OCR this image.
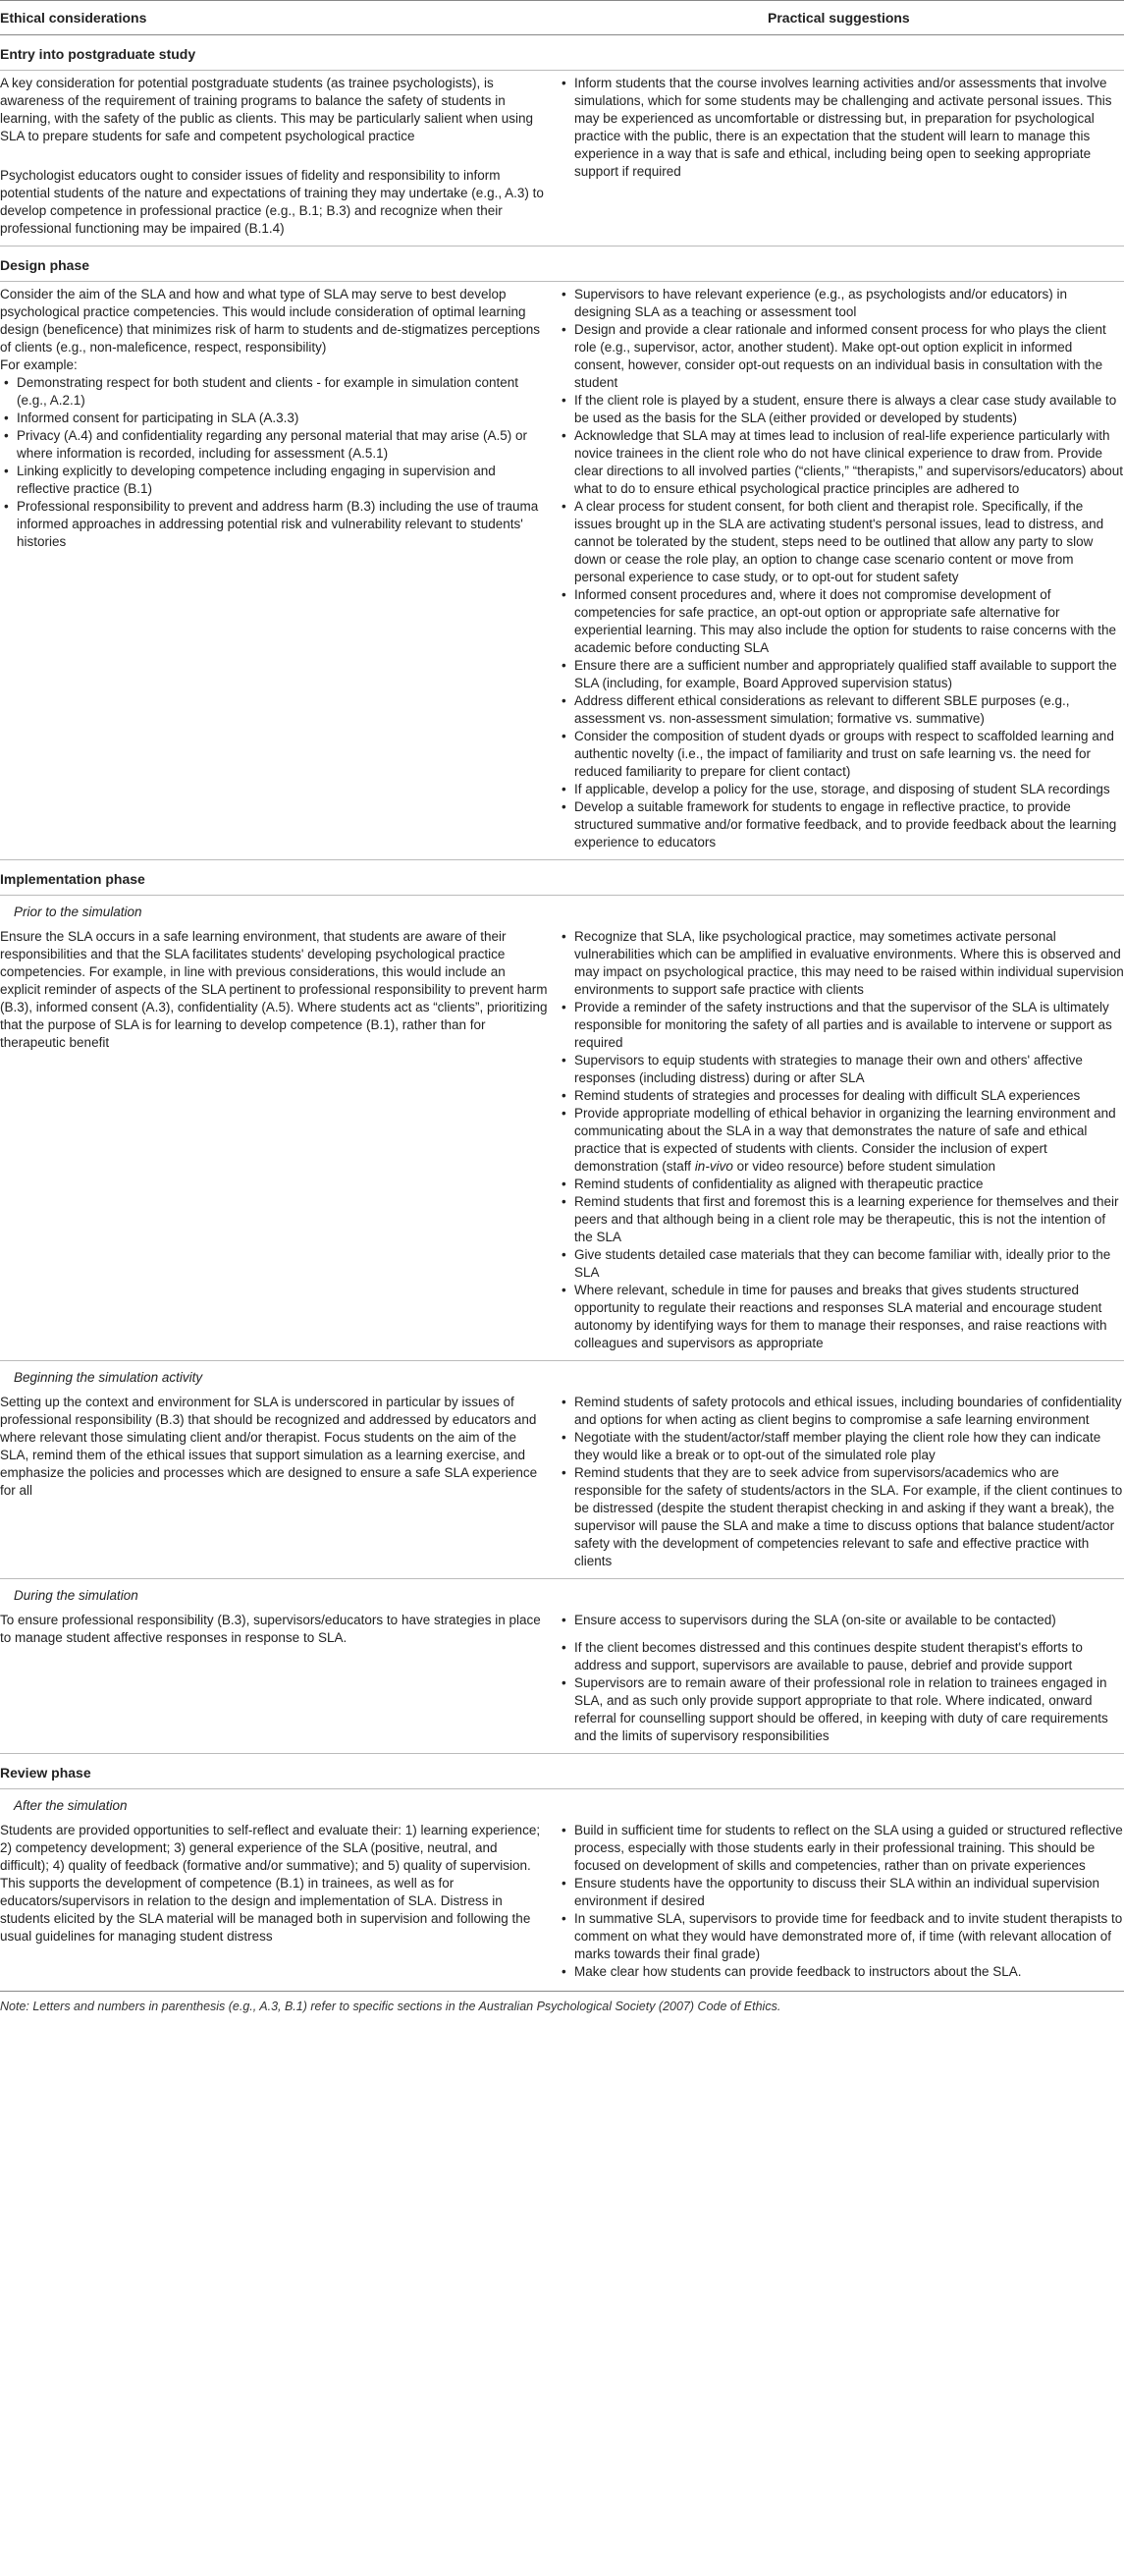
Ethical considerations	Practical suggestions
Entry into postgraduate study

A key consideration for potential postgraduate students (as trainee psychologists), is awareness of the requirement of training programs to balance the safety of students in learning, with the safety of the public as clients. This may be particularly salient when using SLA to prepare students for safe and competent psychological practice

Psychologist educators ought to consider issues of fidelity and responsibility to inform potential students of the nature and expectations of training they may undertake (e.g., A.3) to develop competence in professional practice (e.g., B.1; B.3) and recognize when their professional functioning may be impaired (B.1.4)

• Inform students that the course involves learning activities and/or assessments that involve simulations, which for some students may be challenging and activate personal issues. This may be experienced as uncomfortable or distressing but, in preparation for psychological practice with the public, there is an expectation that the student will learn to manage this experience in a way that is safe and ethical, including being open to seeking appropriate support if required
Design phase

Consider the aim of the SLA and how and what type of SLA may serve to best develop psychological practice competencies. This would include consideration of optimal learning design (beneficence) that minimizes risk of harm to students and de-stigmatizes perceptions of clients (e.g., non-maleficence, respect, responsibility)

For example:

• Demonstrating respect for both student and clients - for example in simulation content (e.g., A.2.1)
• Informed consent for participating in SLA (A.3.3)
• Privacy (A.4) and confidentiality regarding any personal material that may arise (A.5) or where information is recorded, including for assessment (A.5.1)
• Linking explicitly to developing competence including engaging in supervision and reflective practice (B.1)
• Professional responsibility to prevent and address harm (B.3) including the use of trauma informed approaches in addressing potential risk and vulnerability relevant to students' histories
• Supervisors to have relevant experience (e.g., as psychologists and/or educators) in designing SLA as a teaching or assessment tool
• Design and provide a clear rationale and informed consent process for who plays the client role (e.g., supervisor, actor, another student). Make opt-out option explicit in informed consent, however, consider opt-out requests on an individual basis in consultation with the student
• If the client role is played by a student, ensure there is always a clear case study available to be used as the basis for the SLA (either provided or developed by students)
• Acknowledge that SLA may at times lead to inclusion of real-life experience particularly with novice trainees in the client role who do not have clinical experience to draw from. Provide clear directions to all involved parties (“clients,” “therapists,” and supervisors/educators) about what to do to ensure ethical psychological practice principles are adhered to
• A clear process for student consent, for both client and therapist role. Specifically, if the issues brought up in the SLA are activating student's personal issues, lead to distress, and cannot be tolerated by the student, steps need to be outlined that allow any party to slow down or cease the role play, an option to change case scenario content or move from personal experience to case study, or to opt-out for student safety
• Informed consent procedures and, where it does not compromise development of competencies for safe practice, an opt-out option or appropriate safe alternative for experiential learning. This may also include the option for students to raise concerns with the academic before conducting SLA
• Ensure there are a sufficient number and appropriately qualified staff available to support the SLA (including, for example, Board Approved supervision status)
• Address different ethical considerations as relevant to different SBLE purposes (e.g., assessment vs. non-assessment simulation; formative vs. summative)
• Consider the composition of student dyads or groups with respect to scaffolded learning and authentic novelty (i.e., the impact of familiarity and trust on safe learning vs. the need for reduced familiarity to prepare for client contact)
• If applicable, develop a policy for the use, storage, and disposing of student SLA recordings
• Develop a suitable framework for students to engage in reflective practice, to provide structured summative and/or formative feedback, and to provide feedback about the learning experience to educators
Implementation phase
Prior to the simulation

Ensure the SLA occurs in a safe learning environment, that students are aware of their responsibilities and that the SLA facilitates students' developing psychological practice competencies. For example, in line with previous considerations, this would include an explicit reminder of aspects of the SLA pertinent to professional responsibility to prevent harm (B.3), informed consent (A.3), confidentiality (A.5). Where students act as “clients”, prioritizing that the purpose of SLA is for learning to develop competence (B.1), rather than for therapeutic benefit

• Recognize that SLA, like psychological practice, may sometimes activate personal vulnerabilities which can be amplified in evaluative environments. Where this is observed and may impact on psychological practice, this may need to be raised within individual supervision environments to support safe practice with clients
• Provide a reminder of the safety instructions and that the supervisor of the SLA is ultimately responsible for monitoring the safety of all parties and is available to intervene or support as required
• Supervisors to equip students with strategies to manage their own and others' affective responses (including distress) during or after SLA
• Remind students of strategies and processes for dealing with difficult SLA experiences
• Provide appropriate modelling of ethical behavior in organizing the learning environment and communicating about the SLA in a way that demonstrates the nature of safe and ethical practice that is expected of students with clients. Consider the inclusion of expert demonstration (staff in-vivo or video resource) before student simulation
• Remind students of confidentiality as aligned with therapeutic practice
• Remind students that first and foremost this is a learning experience for themselves and their peers and that although being in a client role may be therapeutic, this is not the intention of the SLA
• Give students detailed case materials that they can become familiar with, ideally prior to the SLA
• Where relevant, schedule in time for pauses and breaks that gives students structured opportunity to regulate their reactions and responses SLA material and encourage student autonomy by identifying ways for them to manage their responses, and raise reactions with colleagues and supervisors as appropriate
Beginning the simulation activity

Setting up the context and environment for SLA is underscored in particular by issues of professional responsibility (B.3) that should be recognized and addressed by educators and where relevant those simulating client and/or therapist. Focus students on the aim of the SLA, remind them of the ethical issues that support simulation as a learning exercise, and emphasize the policies and processes which are designed to ensure a safe SLA experience for all

• Remind students of safety protocols and ethical issues, including boundaries of confidentiality and options for when acting as client begins to compromise a safe learning environment
• Negotiate with the student/actor/staff member playing the client role how they can indicate they would like a break or to opt-out of the simulated role play
• Remind students that they are to seek advice from supervisors/academics who are responsible for the safety of students/actors in the SLA. For example, if the client continues to be distressed (despite the student therapist checking in and asking if they want a break), the supervisor will pause the SLA and make a time to discuss options that balance student/actor safety with the development of competencies relevant to safe and effective practice with clients
During the simulation

To ensure professional responsibility (B.3), supervisors/educators to have strategies in place to manage student affective responses in response to SLA.

• Ensure access to supervisors during the SLA (on-site or available to be contacted)
• If the client becomes distressed and this continues despite student therapist's efforts to address and support, supervisors are available to pause, debrief and provide support
• Supervisors are to remain aware of their professional role in relation to trainees engaged in SLA, and as such only provide support appropriate to that role. Where indicated, onward referral for counselling support should be offered, in keeping with duty of care requirements and the limits of supervisory responsibilities
Review phase
After the simulation

Students are provided opportunities to self-reflect and evaluate their: 1) learning experience; 2) competency development; 3) general experience of the SLA (positive, neutral, and difficult); 4) quality of feedback (formative and/or summative); and 5) quality of supervision. This supports the development of competence (B.1) in trainees, as well as for educators/supervisors in relation to the design and implementation of SLA. Distress in students elicited by the SLA material will be managed both in supervision and following the usual guidelines for managing student distress

• Build in sufficient time for students to reflect on the SLA using a guided or structured reflective process, especially with those students early in their professional training. This should be focused on development of skills and competencies, rather than on private experiences
• Ensure students have the opportunity to discuss their SLA within an individual supervision environment if desired
• In summative SLA, supervisors to provide time for feedback and to invite student therapists to comment on what they would have demonstrated more of, if time (with relevant allocation of marks towards their final grade)
• Make clear how students can provide feedback to instructors about the SLA.
Note: Letters and numbers in parenthesis (e.g., A.3, B.1) refer to specific sections in the Australian Psychological Society (2007) Code of Ethics.
